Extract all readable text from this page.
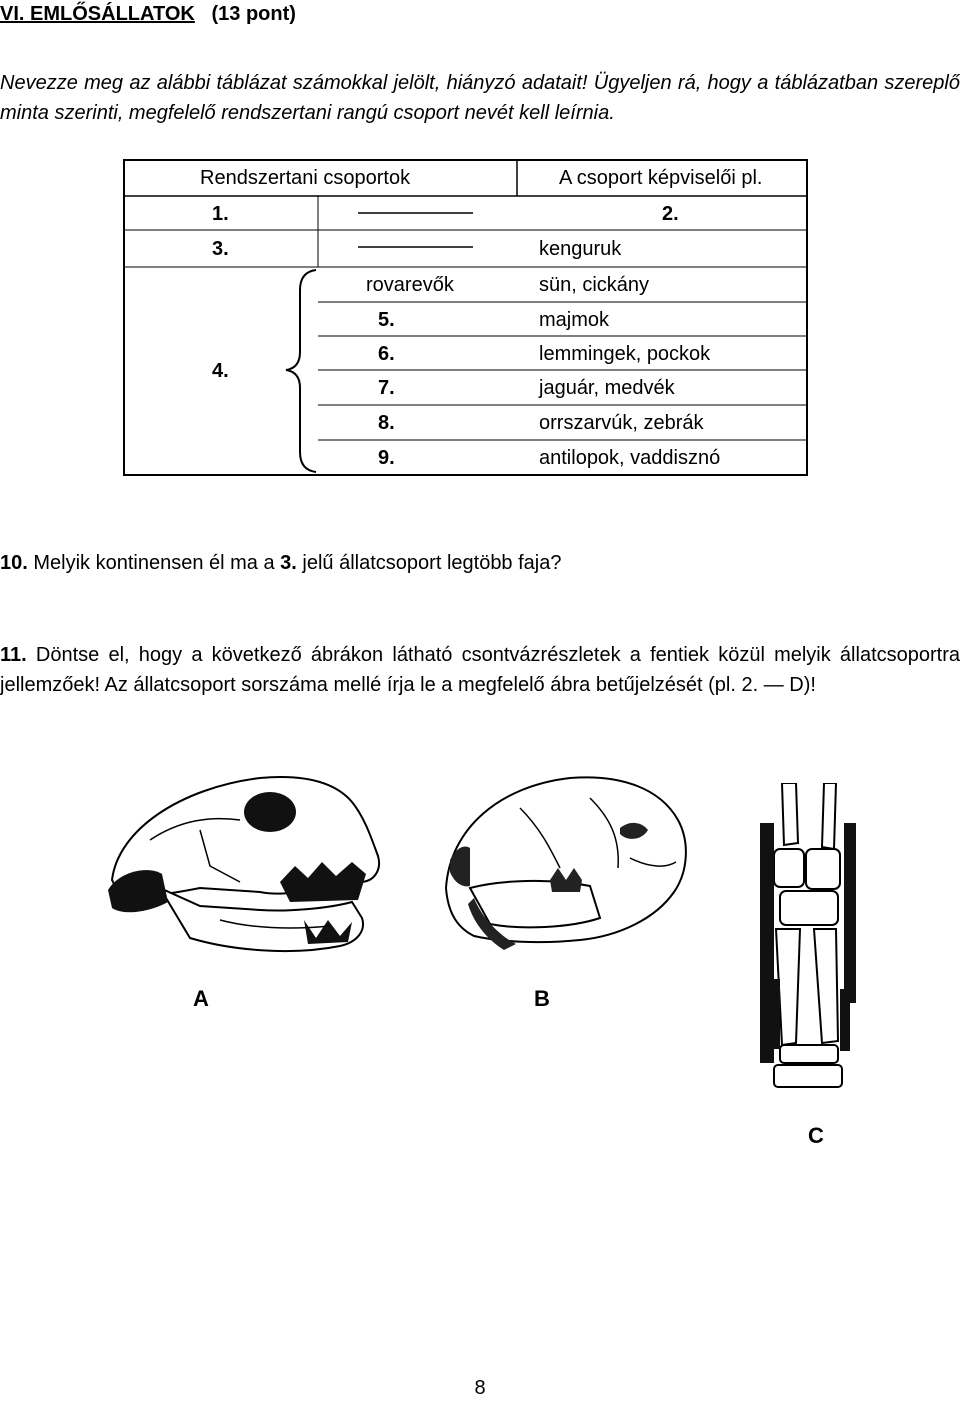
VI. EMLŐSÁLLATOK (13 pont)
Nevezze meg az alábbi táblázat számokkal jelölt, hiányzó adatait! Ügyeljen rá, hogy a táblázatban szereplő minta szerinti, megfelelő rendszertani rangú csoport nevét kell leírnia.
Rendszertani csoportok	A csoport képviselői pl.
1.	2.
3.	kenguruk
4.
rovarevők	sün, cickány
5.	majmok
6.	lemmingek, pockok
7.	jaguár, medvék
8.	orrszarvúk, zebrák
9.	antilopok, vaddisznó
10. Melyik kontinensen él ma a 3. jelű állatcsoport legtöbb faja?
11. Döntse el, hogy a következő ábrákon látható csontvázrészletek a fentiek közül melyik állatcsoportra jellemzőek! Az állatcsoport sorszáma mellé írja le a megfelelő ábra betűjelzését (pl. 2. — D)!
A	B
C
8
